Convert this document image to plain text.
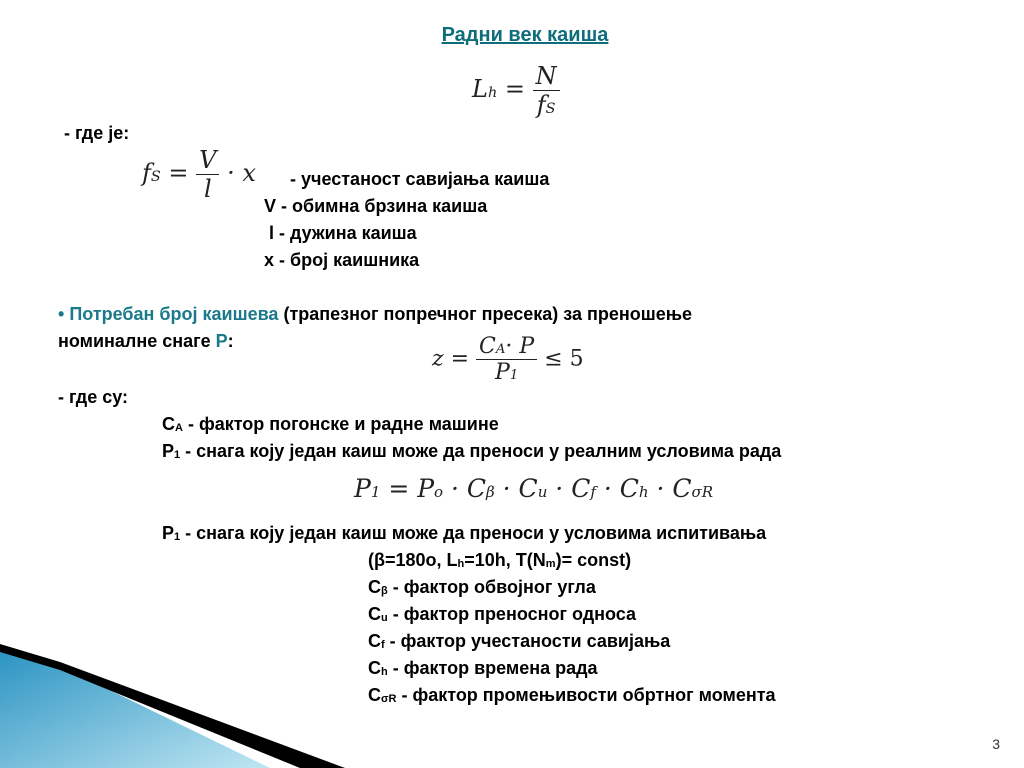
Радни век каиша
$Lh = \frac{N}{fS}$
- где је:
fS = $\frac{V}{l} \cdot x$ - учестаност савијања каиша
V - обимна брзина каиша
l - дужина каиша
x - број каишника
• Потребан број каишева (трапезног попречног пресека) за преношење
номиналне снаге P:
$z = \frac{CA\cdot P}{P1} \le 5$
- где су:
CA - фактор погонске и радне машине
P1 - снага коју један каиш може да преноси у реалним условима рада
P1 = Po · Cβ · Cu · Cf · Ch · CσR
P1 - снага коју један каиш може да преноси у условима испитивања
(β=180o, Lh=10h, T(Nm)= const)
Cβ - фактор обвојног угла
Cu - фактор преносног односа
Cf - фактор учестаности савијања
Ch - фактор времена рада
CσR - фактор промењивости обртног момента
3
